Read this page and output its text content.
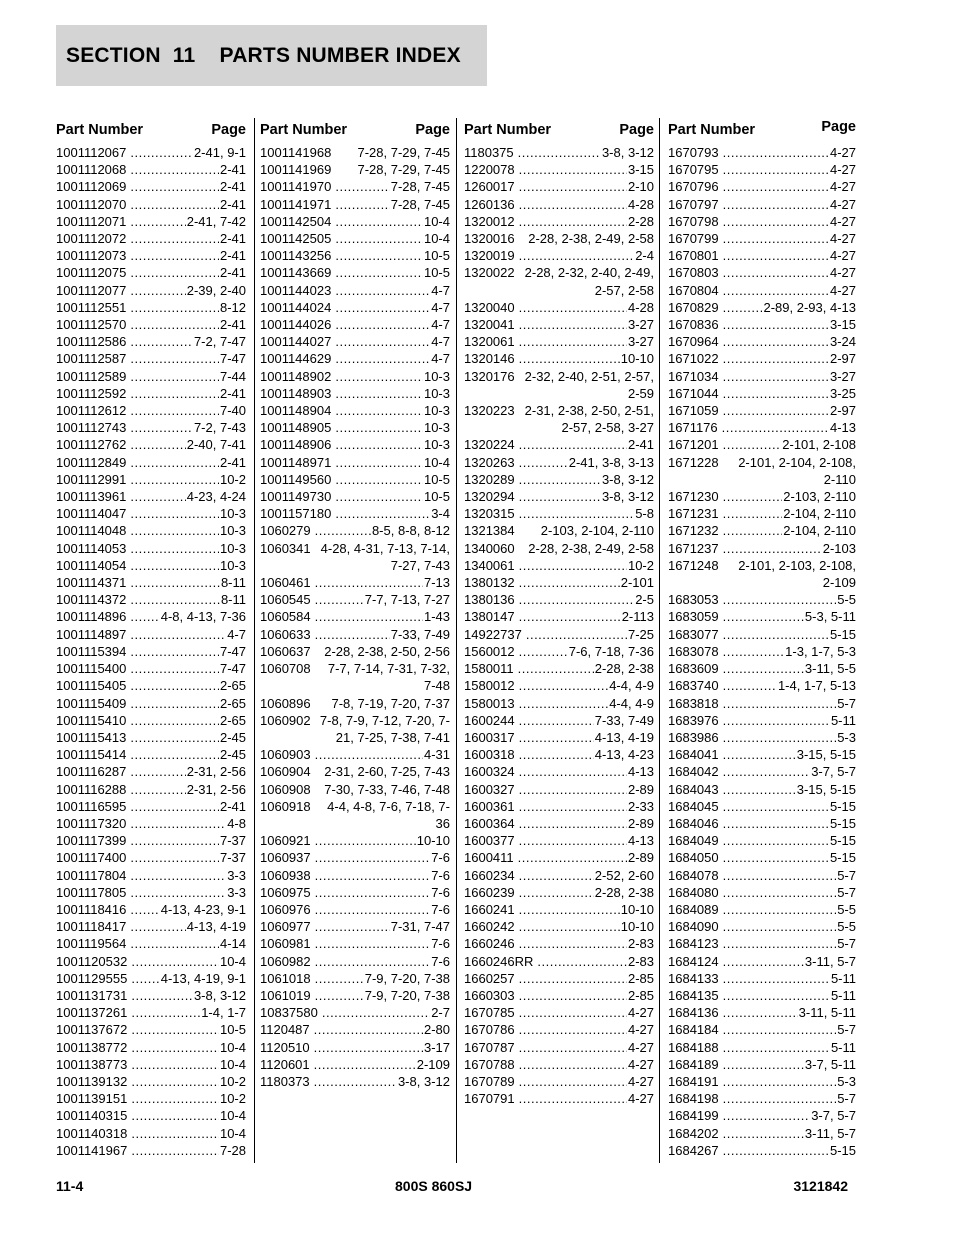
SECTION  11    PARTS NUMBER INDEX
Part Number	Page
1001112067 .....	2-41, 9-1
1001112068 .....	2-41
1001112069 .....	2-41
1001112070 .....	2-41
1001112071 .....	2-41, 7-42
1001112072 .....	2-41
1001112073 .....	2-41
1001112075 .....	2-41
1001112077 .....	2-39, 2-40
1001112551 .....	8-12
1001112570 .....	2-41
1001112586 .....	7-2, 7-47
1001112587 .....	7-47
1001112589 .....	7-44
1001112592 .....	2-41
1001112612 .....	7-40
1001112743 .....	7-2, 7-43
1001112762 .....	2-40, 7-41
1001112849 .....	2-41
1001112991 .....	10-2
1001113961 .....	4-23, 4-24
1001114047 .....	10-3
1001114048 .....	10-3
1001114053 .....	10-3
1001114054 .....	10-3
1001114371 .....	8-11
1001114372 .....	8-11
1001114896 .....	4-8, 4-13, 7-36
1001114897 .....	4-7
1001115394 .....	7-47
1001115400 .....	7-47
1001115405 .....	2-65
1001115409 .....	2-65
1001115410 .....	2-65
1001115413 .....	2-45
1001115414 .....	2-45
1001116287 .....	2-31, 2-56
1001116288 .....	2-31, 2-56
1001116595 .....	2-41
1001117320 .....	4-8
1001117399 .....	7-37
1001117400 .....	7-37
1001117804 .....	3-3
1001117805 .....	3-3
1001118416 .....	4-13, 4-23, 9-1
1001118417 .....	4-13, 4-19
1001119564 .....	4-14
1001120532 .....	10-4
1001129555 .....	4-13, 4-19, 9-1
1001131731 .....	3-8, 3-12
1001137261 .....	1-4, 1-7
1001137672 .....	10-5
1001138772 .....	10-4
1001138773 .....	10-4
1001139132 .....	10-2
1001139151 .....	10-2
1001140315 .....	10-4
1001140318 .....	10-4
1001141967 .....	7-28
Part Number	Page
1001141968	7-28, 7-29, 7-45
1001141969	7-28, 7-29, 7-45
1001141970 .....	7-28, 7-45
1001141971 .....	7-28, 7-45
1001142504 .....	10-4
1001142505 .....	10-4
1001143256 .....	10-5
1001143669 .....	10-5
1001144023 .....	4-7
1001144024 .....	4-7
1001144026 .....	4-7
1001144027 .....	4-7
1001144629 .....	4-7
1001148902 .....	10-3
1001148903 .....	10-3
1001148904 .....	10-3
1001148905 .....	10-3
1001148906 .....	10-3
1001148971 .....	10-4
1001149560 .....	10-5
1001149730 .....	10-5
1001157180 .....	3-4
1060279 .....	8-5, 8-8, 8-12
1060341 4-28, 4-31, 7-13, 7-14, 7-27, 7-43
1060461 .....	7-13
1060545 .....	7-7, 7-13, 7-27
1060584 .....	1-43
1060633 .....	7-33, 7-49
1060637	2-28, 2-38, 2-50, 2-56
1060708	7-7, 7-14, 7-31, 7-32, 7-48
1060896	7-8, 7-19, 7-20, 7-37
1060902 7-8, 7-9, 7-12, 7-20, 7-21, 7-25, 7-38, 7-41
1060903 .....	4-31
1060904	2-31, 2-60, 7-25, 7-43
1060908	7-30, 7-33, 7-46, 7-48
1060918	4-4, 4-8, 7-6, 7-18, 7-36
1060921 .....	10-10
1060937 .....	7-6
1060938 .....	7-6
1060975 .....	7-6
1060976 .....	7-6
1060977 .....	7-31, 7-47
1060981 .....	7-6
1060982 .....	7-6
1061018 .....	7-9, 7-20, 7-38
1061019 .....	7-9, 7-20, 7-38
10837580 .....	2-7
1120487 .....	2-80
1120510 .....	3-17
1120601 .....	2-109
1180373 .....	3-8, 3-12
Part Number	Page
1180375 .....	3-8, 3-12
1220078 .....	3-15
1260017 .....	2-10
1260136 .....	4-28
1320012 .....	2-28
1320016	2-28, 2-38, 2-49, 2-58
1320019 .....	2-4
1320022 2-28, 2-32, 2-40, 2-49, 2-57, 2-58
1320040 .....	4-28
1320041 .....	3-27
1320061 .....	3-27
1320146 .....	10-10
1320176 2-32, 2-40, 2-51, 2-57, 2-59
1320223 2-31, 2-38, 2-50, 2-51, 2-57, 2-58, 3-27
1320224 .....	2-41
1320263 .....	2-41, 3-8, 3-13
1320289 .....	3-8, 3-12
1320294 .....	3-8, 3-12
1320315 .....	5-8
1321384	2-103, 2-104, 2-110
1340060	2-28, 2-38, 2-49, 2-58
1340061 .....	10-2
1380132 .....	2-101
1380136 .....	2-5
1380147 .....	2-113
14922737 .....	7-25
1560012 .....	7-6, 7-18, 7-36
1580011 .....	2-28, 2-38
1580012 .....	4-4, 4-9
1580013 .....	4-4, 4-9
1600244 .....	7-33, 7-49
1600317 .....	4-13, 4-19
1600318 .....	4-13, 4-23
1600324 .....	4-13
1600327 .....	2-89
1600361 .....	2-33
1600364 .....	2-89
1600377 .....	4-13
1600411 .....	2-89
1660234 .....	2-52, 2-60
1660239 .....	2-28, 2-38
1660241 .....	10-10
1660242 .....	10-10
1660246 .....	2-83
1660246RR .....	2-83
1660257 .....	2-85
1660303 .....	2-85
1670785 .....	4-27
1670786 .....	4-27
1670787 .....	4-27
1670788 .....	4-27
1670789 .....	4-27
1670791 .....	4-27
Part Number	Page
1670793 .....	4-27
1670795 .....	4-27
1670796 .....	4-27
1670797 .....	4-27
1670798 .....	4-27
1670799 .....	4-27
1670801 .....	4-27
1670803 .....	4-27
1670804 .....	4-27
1670829 .....	2-89, 2-93, 4-13
1670836 .....	3-15
1670964 .....	3-24
1671022 .....	2-97
1671034 .....	3-27
1671044 .....	3-25
1671059 .....	2-97
1671176 .....	4-13
1671201 .....	2-101, 2-108
1671228	2-101, 2-104, 2-108, 2-110
1671230 .....	2-103, 2-110
1671231 .....	2-104, 2-110
1671232 .....	2-104, 2-110
1671237 .....	2-103
1671248	2-101, 2-103, 2-108, 2-109
1683053 .....	5-5
1683059 .....	5-3, 5-11
1683077 .....	5-15
1683078 .....	1-3, 1-7, 5-3
1683609 .....	3-11, 5-5
1683740 .....	1-4, 1-7, 5-13
1683818 .....	5-7
1683976 .....	5-11
1683986 .....	5-3
1684041 .....	3-15, 5-15
1684042 .....	3-7, 5-7
1684043 .....	3-15, 5-15
1684045 .....	5-15
1684046 .....	5-15
1684049 .....	5-15
1684050 .....	5-15
1684078 .....	5-7
1684080 .....	5-7
1684089 .....	5-5
1684090 .....	5-5
1684123 .....	5-7
1684124 .....	3-11, 5-7
1684133 .....	5-11
1684135 .....	5-11
1684136 .....	3-11, 5-11
1684184 .....	5-7
1684188 .....	5-11
1684189 .....	3-7, 5-11
1684191 .....	5-3
1684198 .....	5-7
1684199 .....	3-7, 5-7
1684202 .....	3-11, 5-7
1684267 .....	5-15
11-4	800S 860SJ	3121842
